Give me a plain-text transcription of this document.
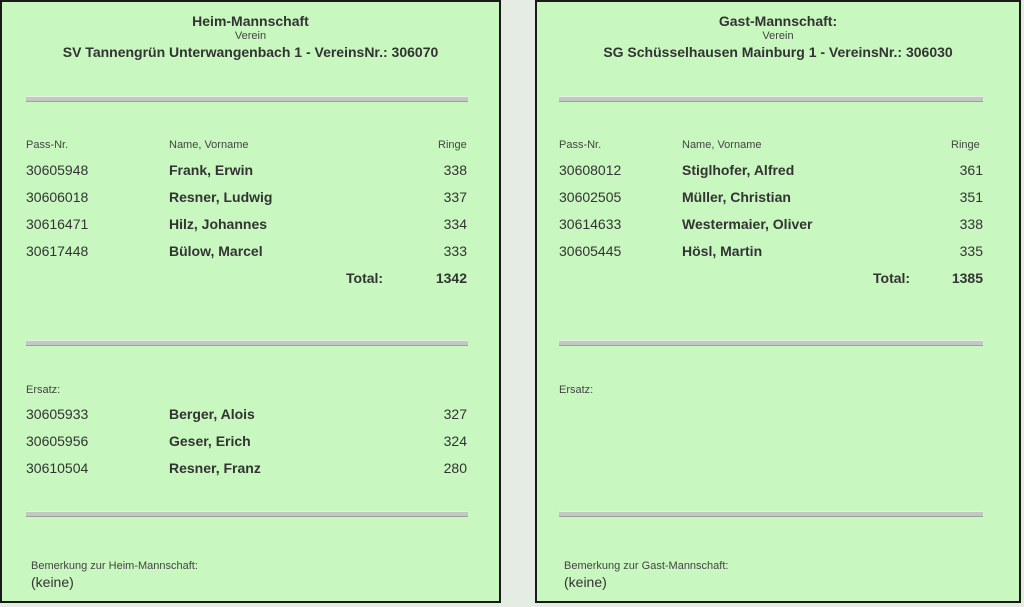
Heim-Mannschaft
Verein
SV Tannengrün Unterwangenbach 1 - VereinsNr.: 306070
Pass-Nr.	Name, Vorname	Ringe
30605948	Frank, Erwin	338
30606018	Resner, Ludwig	337
30616471	Hilz, Johannes	334
30617448	Bülow, Marcel	333
Total:	1342
Ersatz:
30605933	Berger, Alois	327
30605956	Geser, Erich	324
30610504	Resner, Franz	280
Bemerkung zur Heim-Mannschaft:
(keine)
Gast-Mannschaft:
Verein
SG Schüsselhausen Mainburg 1 - VereinsNr.: 306030
Pass-Nr.	Name, Vorname	Ringe
30608012	Stiglhofer, Alfred	361
30602505	Müller, Christian	351
30614633	Westermaier, Oliver	338
30605445	Hösl, Martin	335
Total:	1385
Ersatz:
Bemerkung zur Gast-Mannschaft:
(keine)
